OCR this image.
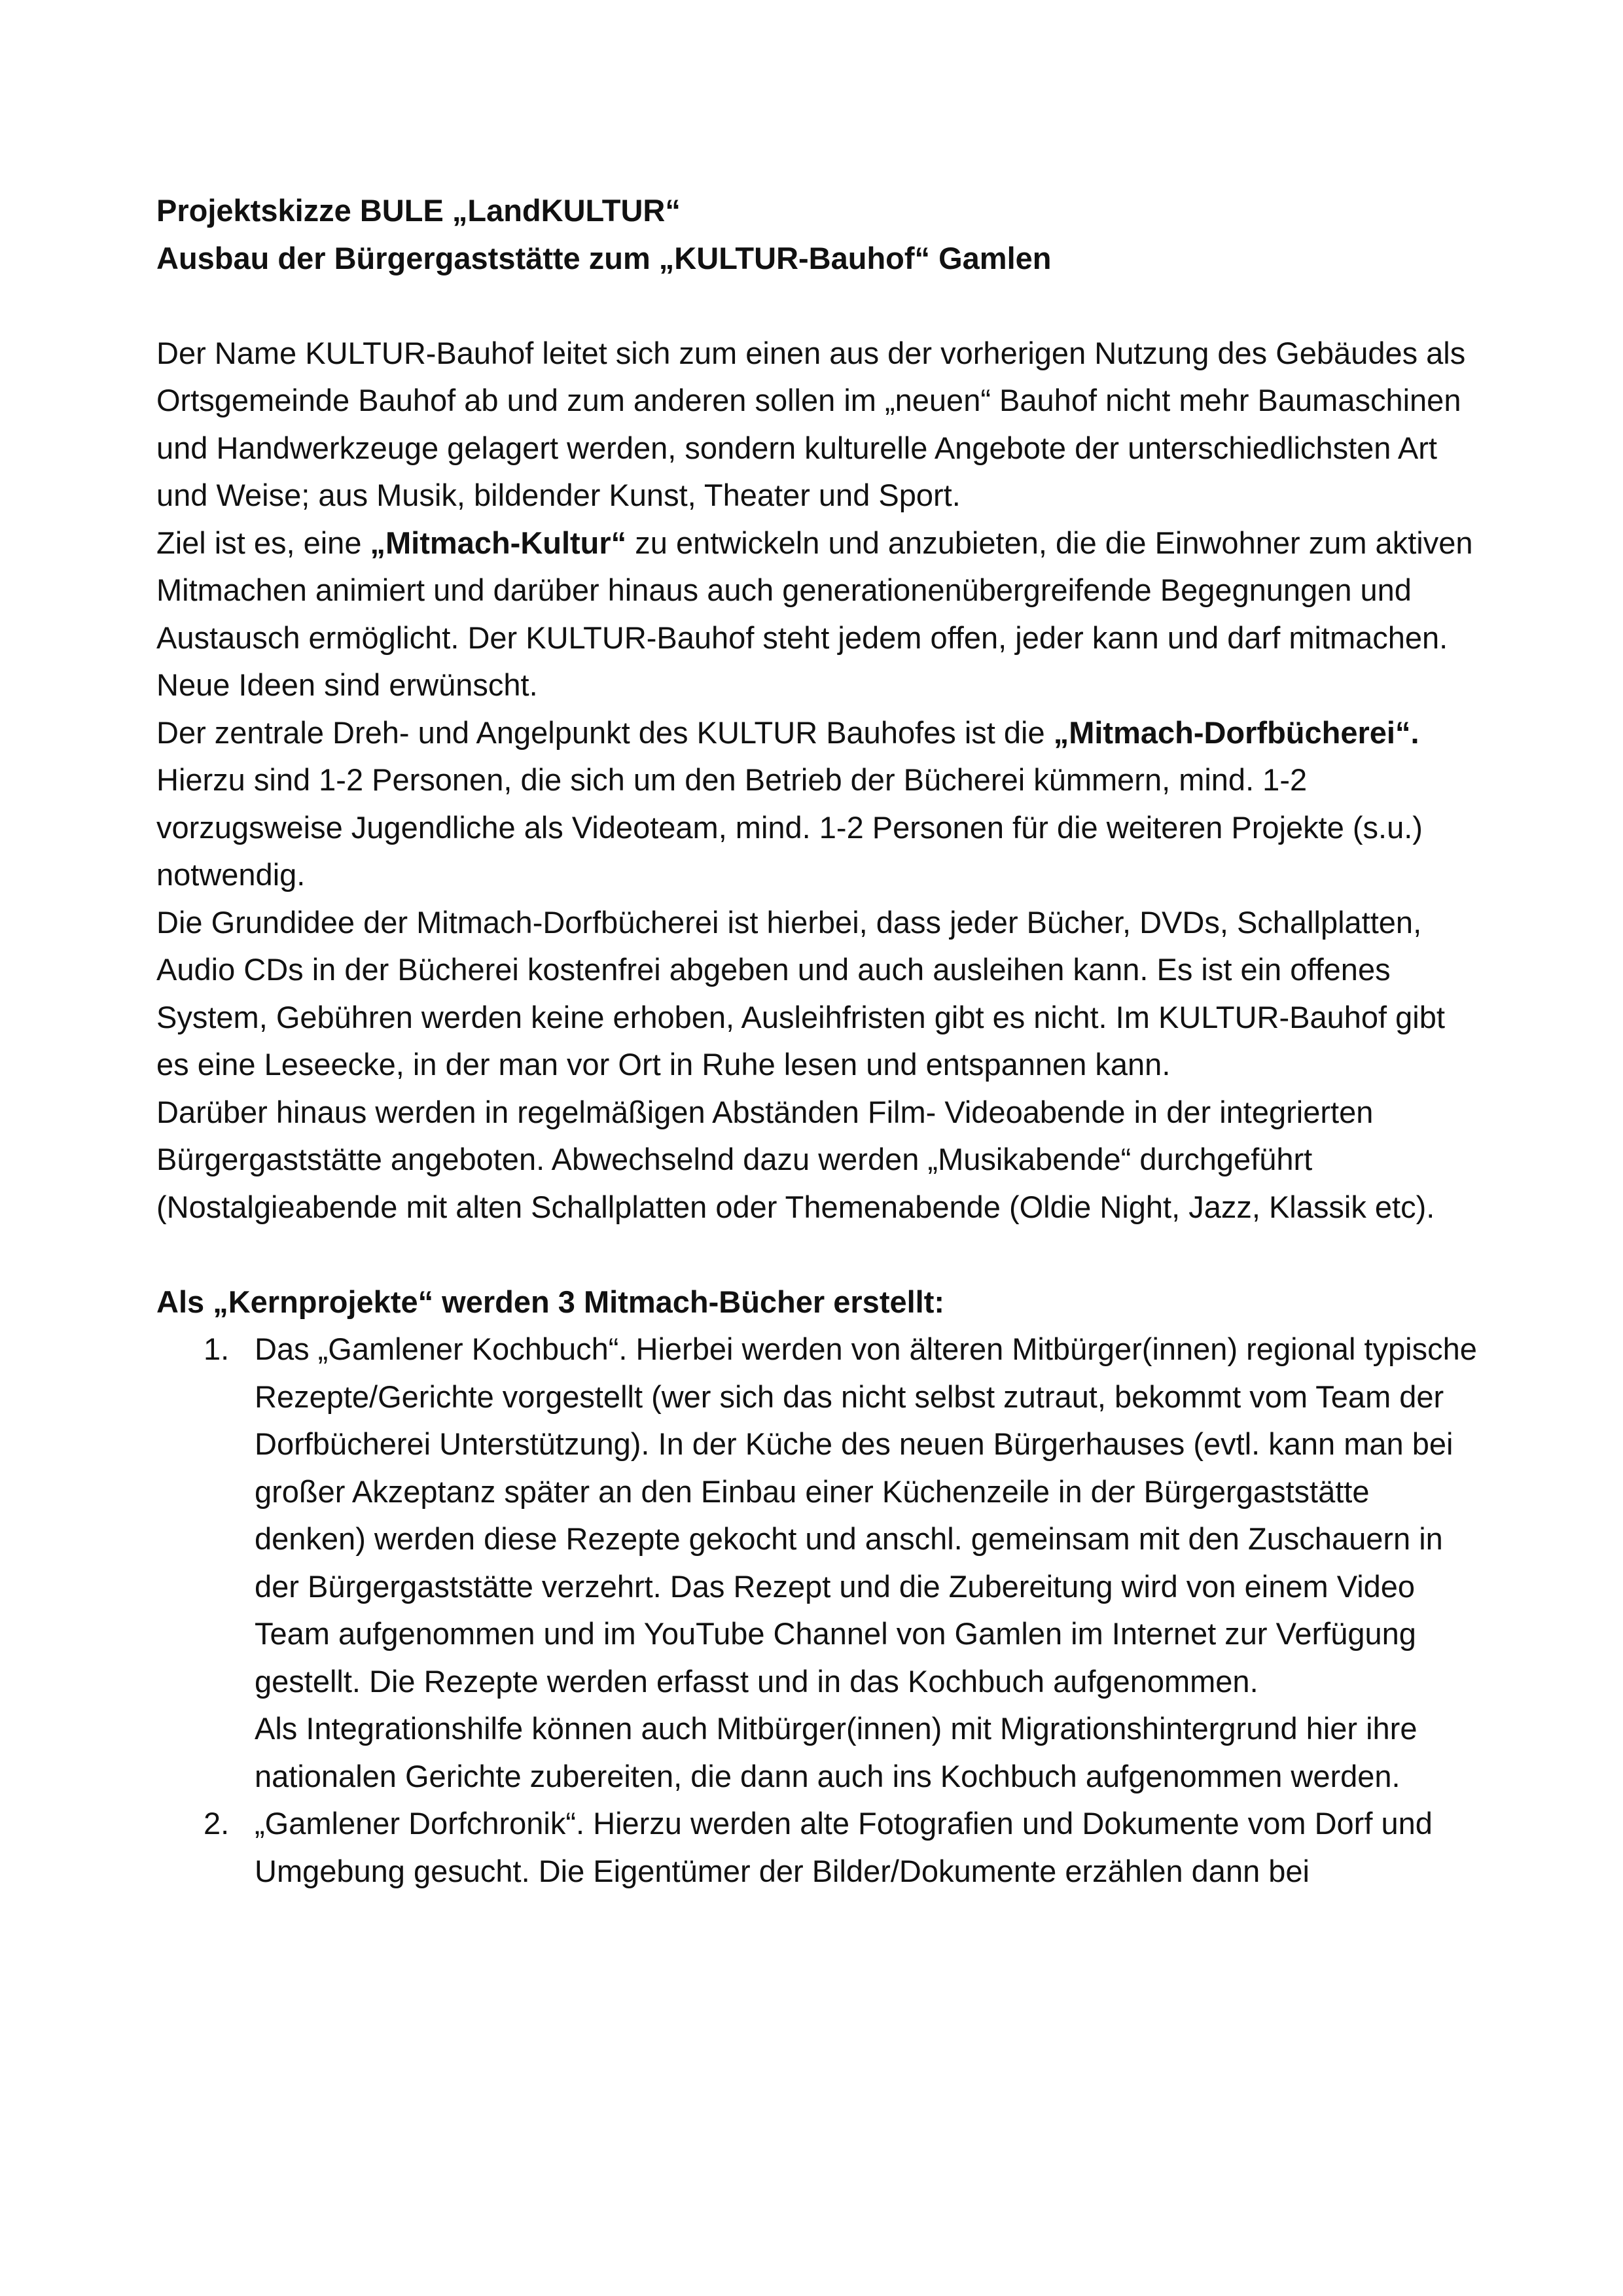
Projektskizze BULE „LandKULTUR“
Ausbau der Bürgergaststätte zum „KULTUR-Bauhof“ Gamlen

Der Name KULTUR-Bauhof leitet sich zum einen aus der vorherigen Nutzung des Gebäudes als Ortsgemeinde Bauhof ab und zum anderen sollen im „neuen“ Bauhof nicht mehr Baumaschinen und Handwerkzeuge gelagert werden, sondern kulturelle Angebote der unterschiedlichsten Art und Weise; aus Musik, bildender Kunst, Theater und Sport.

Ziel ist es, eine „Mitmach-Kultur“ zu entwickeln und anzubieten, die die Einwohner zum aktiven Mitmachen animiert und darüber hinaus auch generationenübergreifende Begegnungen und Austausch ermöglicht. Der KULTUR-Bauhof steht jedem offen, jeder kann und darf mitmachen. Neue Ideen sind erwünscht.

Der zentrale Dreh- und Angelpunkt des KULTUR Bauhofes ist die „Mitmach-Dorfbücherei“.

Hierzu sind 1-2 Personen, die sich um den Betrieb der Bücherei kümmern, mind. 1-2 vorzugsweise Jugendliche als Videoteam, mind. 1-2 Personen für die weiteren Projekte (s.u.) notwendig.

Die Grundidee der Mitmach-Dorfbücherei ist hierbei, dass jeder Bücher, DVDs, Schallplatten, Audio CDs in der Bücherei kostenfrei abgeben und auch ausleihen kann. Es ist ein offenes System, Gebühren werden keine erhoben, Ausleihfristen gibt es nicht. Im KULTUR-Bauhof gibt es eine Leseecke, in der man vor Ort in Ruhe lesen und entspannen kann.

Darüber hinaus werden in regelmäßigen Abständen Film- Videoabende in der integrierten Bürgergaststätte angeboten. Abwechselnd dazu werden „Musikabende“ durchgeführt (Nostalgieabende mit alten Schallplatten oder Themenabende (Oldie Night, Jazz, Klassik etc).

Als „Kernprojekte“ werden 3 Mitmach-Bücher erstellt:
1. Das „Gamlener Kochbuch“. Hierbei werden von älteren Mitbürger(innen) regional typische Rezepte/Gerichte vorgestellt (wer sich das nicht selbst zutraut, bekommt vom Team der Dorfbücherei Unterstützung). In der Küche des neuen Bürgerhauses (evtl. kann man bei großer Akzeptanz später an den Einbau einer Küchenzeile in der Bürgergaststätte denken) werden diese Rezepte gekocht und anschl. gemeinsam mit den Zuschauern in der Bürgergaststätte verzehrt. Das Rezept und die Zubereitung wird von einem Video Team aufgenommen und im YouTube Channel von Gamlen im Internet zur Verfügung gestellt. Die Rezepte werden erfasst und in das Kochbuch aufgenommen.
Als Integrationshilfe können auch Mitbürger(innen) mit Migrationshintergrund hier ihre nationalen Gerichte zubereiten, die dann auch ins Kochbuch aufgenommen werden.
2. „Gamlener Dorfchronik“. Hierzu werden alte Fotografien und Dokumente vom Dorf und Umgebung gesucht. Die Eigentümer der Bilder/Dokumente erzählen dann bei
